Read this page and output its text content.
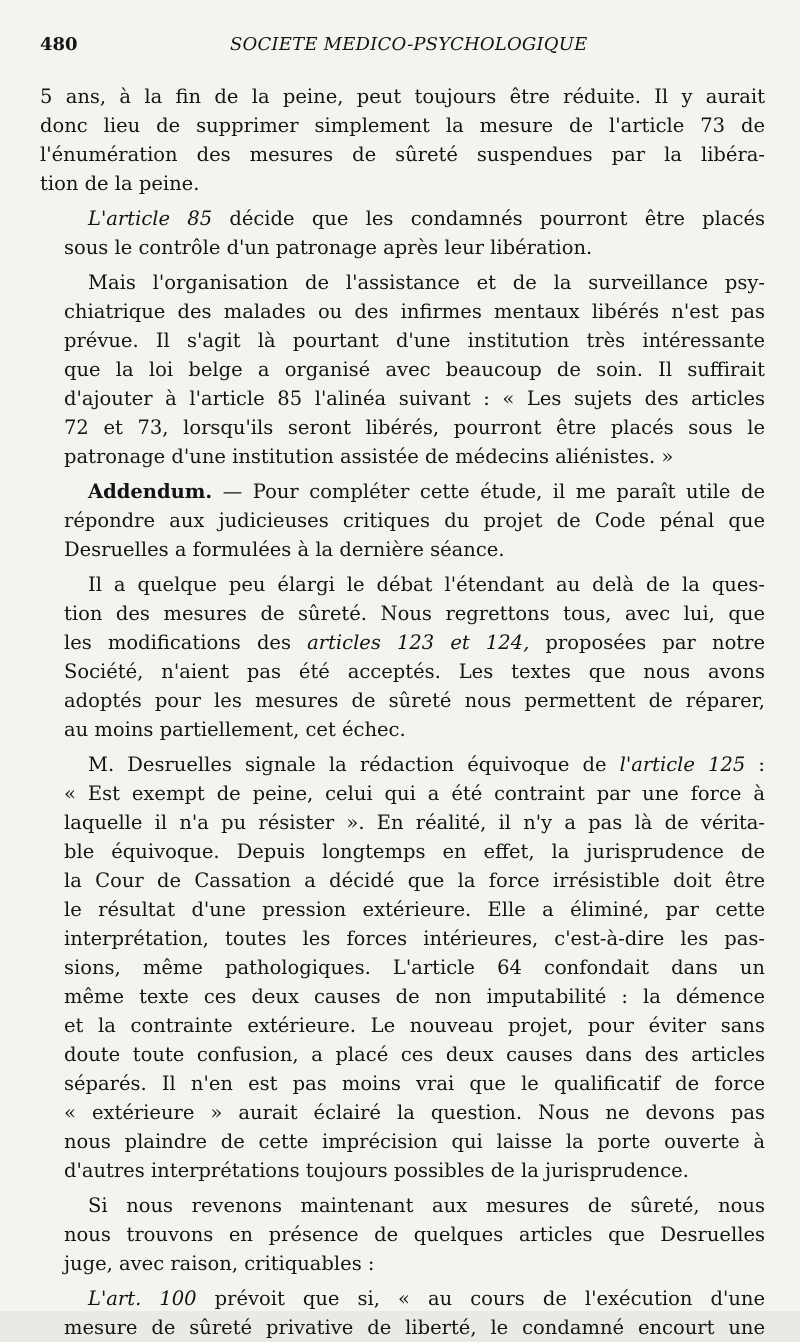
480	SOCIETE MEDICO-PSYCHOLOGIQUE

5 ans, à la fin de la peine, peut toujours être réduite. Il y aurait
donc lieu de supprimer simplement la mesure de l'article 73 de
l'énumération des mesures de sûreté suspendues par la libéra-
tion de la peine.

L'article 85 décide que les condamnés pourront être placés
sous le contrôle d'un patronage après leur libération.

Mais l'organisation de l'assistance et de la surveillance psy-
chiatrique des malades ou des infirmes mentaux libérés n'est pas
prévue. Il s'agit là pourtant d'une institution très intéressante
que la loi belge a organisé avec beaucoup de soin. Il suffirait
d'ajouter à l'article 85 l'alinéa suivant : « Les sujets des articles
72 et 73, lorsqu'ils seront libérés, pourront être placés sous le
patronage d'une institution assistée de médecins aliénistes. »

Addendum. — Pour compléter cette étude, il me paraît utile de
répondre aux judicieuses critiques du projet de Code pénal que
Desruelles a formulées à la dernière séance.

Il a quelque peu élargi le débat l'étendant au delà de la ques-
tion des mesures de sûreté. Nous regrettons tous, avec lui, que
les modifications des articles 123 et 124, proposées par notre
Société, n'aient pas été acceptés. Les textes que nous avons
adoptés pour les mesures de sûreté nous permettent de réparer,
au moins partiellement, cet échec.

M. Desruelles signale la rédaction équivoque de l'article 125 :
« Est exempt de peine, celui qui a été contraint par une force à
laquelle il n'a pu résister ». En réalité, il n'y a pas là de vérita-
ble équivoque. Depuis longtemps en effet, la jurisprudence de
la Cour de Cassation a décidé que la force irrésistible doit être
le résultat d'une pression extérieure. Elle a éliminé, par cette
interprétation, toutes les forces intérieures, c'est-à-dire les pas-
sions, même pathologiques. L'article 64 confondait dans un
même texte ces deux causes de non imputabilité : la démence
et la contrainte extérieure. Le nouveau projet, pour éviter sans
doute toute confusion, a placé ces deux causes dans des articles
séparés. Il n'en est pas moins vrai que le qualificatif de force
« extérieure » aurait éclairé la question. Nous ne devons pas
nous plaindre de cette imprécision qui laisse la porte ouverte à
d'autres interprétations toujours possibles de la jurisprudence.

Si nous revenons maintenant aux mesures de sûreté, nous
nous trouvons en présence de quelques articles que Desruelles
juge, avec raison, critiquables :

L'art. 100 prévoit que si, « au cours de l'exécution d'une
mesure de sûreté privative de liberté, le condamné encourt une
